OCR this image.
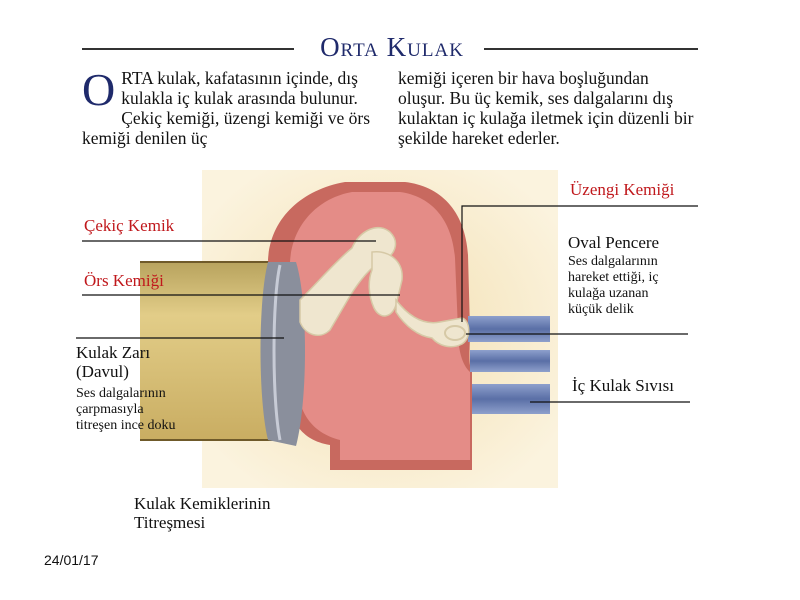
Orta Kulak
O RTA kulak, kafatasının içinde, dış kulakla iç kulak arasında bulunur. Çekiç kemiği, üzengi kemiği ve örs kemiği denilen üç
kemiği içeren bir hava boşluğundan oluşur. Bu üç kemik, ses dalgalarını dış kulaktan iç kulağa iletmek için düzenli bir şekilde hareket ederler.
Çekiç Kemik
Örs Kemiği
Kulak Zarı
(Davul)
Ses dalgalarının
çarpmasıyla
titreşen ince doku
Üzengi Kemiği
Oval Pencere
Ses dalgalarının
hareket ettiği, iç
kulağa uzanan
küçük delik
İç Kulak Sıvısı
Kulak Kemiklerinin
Titreşmesi
24/01/17
